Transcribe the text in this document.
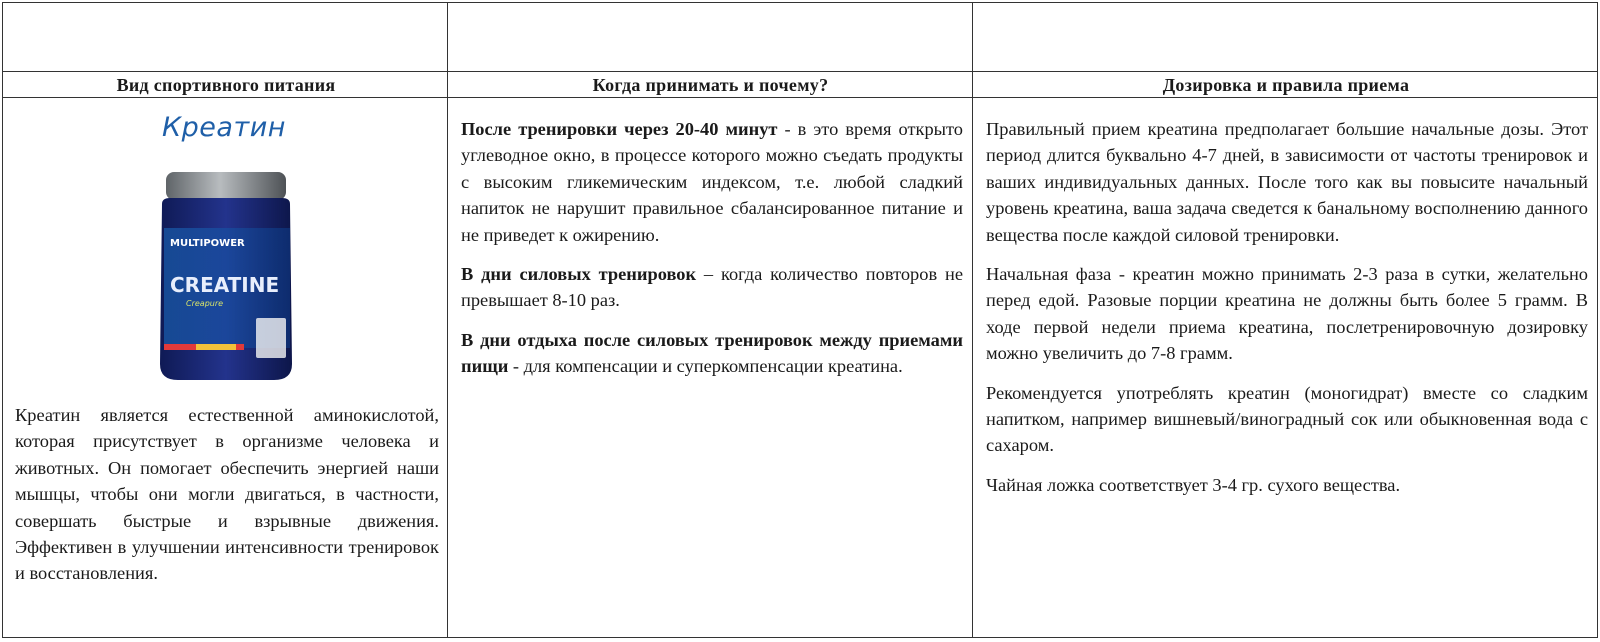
Вид спортивного питания	Когда принимать и почему?	Дозировка и правила приема
Креатин
MULTIPOWER
CREATINE
Creapure
Креатин является естественной аминокислотой, которая присутствует в организме человека и животных. Он помогает обеспечить энергией наши мышцы, чтобы они могли двигаться, в частности, совершать быстрые и взрывные движения. Эффективен в улучшении интенсивности тренировок и восстановления.

После тренировки через 20-40 минут - в это время открыто углеводное окно, в процессе которого можно съедать продукты с высоким гликемическим индексом, т.е. любой сладкий напиток не нарушит правильное сбалансированное питание и не приведет к ожирению.

В дни силовых тренировок – когда количество повторов не превышает 8-10 раз.

В дни отдыха после силовых тренировок между приемами пищи - для компенсации и суперкомпенсации креатина.

Правильный прием креатина предполагает большие начальные дозы. Этот период длится буквально 4-7 дней, в зависимости от частоты тренировок и ваших индивидуальных данных. После того как вы повысите начальный уровень креатина, ваша задача сведется к банальному восполнению данного вещества после каждой силовой тренировки.

Начальная фаза - креатин можно принимать 2-3 раза в сутки, желательно перед едой. Разовые порции креатина не должны быть более 5 грамм. В ходе первой недели приема креатина, послетренировочную дозировку можно увеличить до 7-8 грамм.

Рекомендуется употреблять креатин (моногидрат) вместе со сладким напитком, например вишневый/виноградный сок или обыкновенная вода с сахаром.

Чайная ложка соответствует 3-4 гр. сухого вещества.
